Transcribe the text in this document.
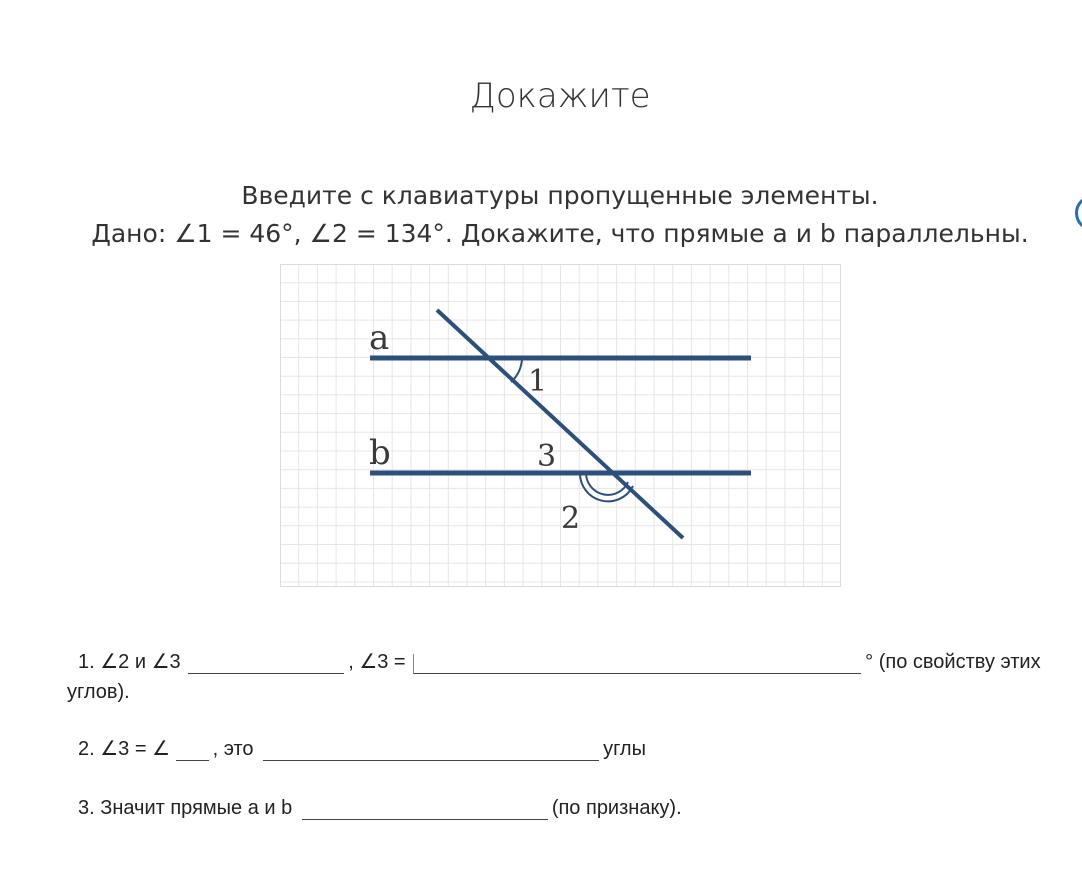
Докажите
Введите с клавиатуры пропущенные элементы.
Дано: ∠1 = 46°, ∠2 = 134°. Докажите, что прямые a и b параллельны.
a
b
1
3
2
1. ∠2 и ∠3	, ∠3 =	° (по свойству этих
углов).
2. ∠3 = ∠ , это	углы
3. Значит прямые a и b	(по признаку).
